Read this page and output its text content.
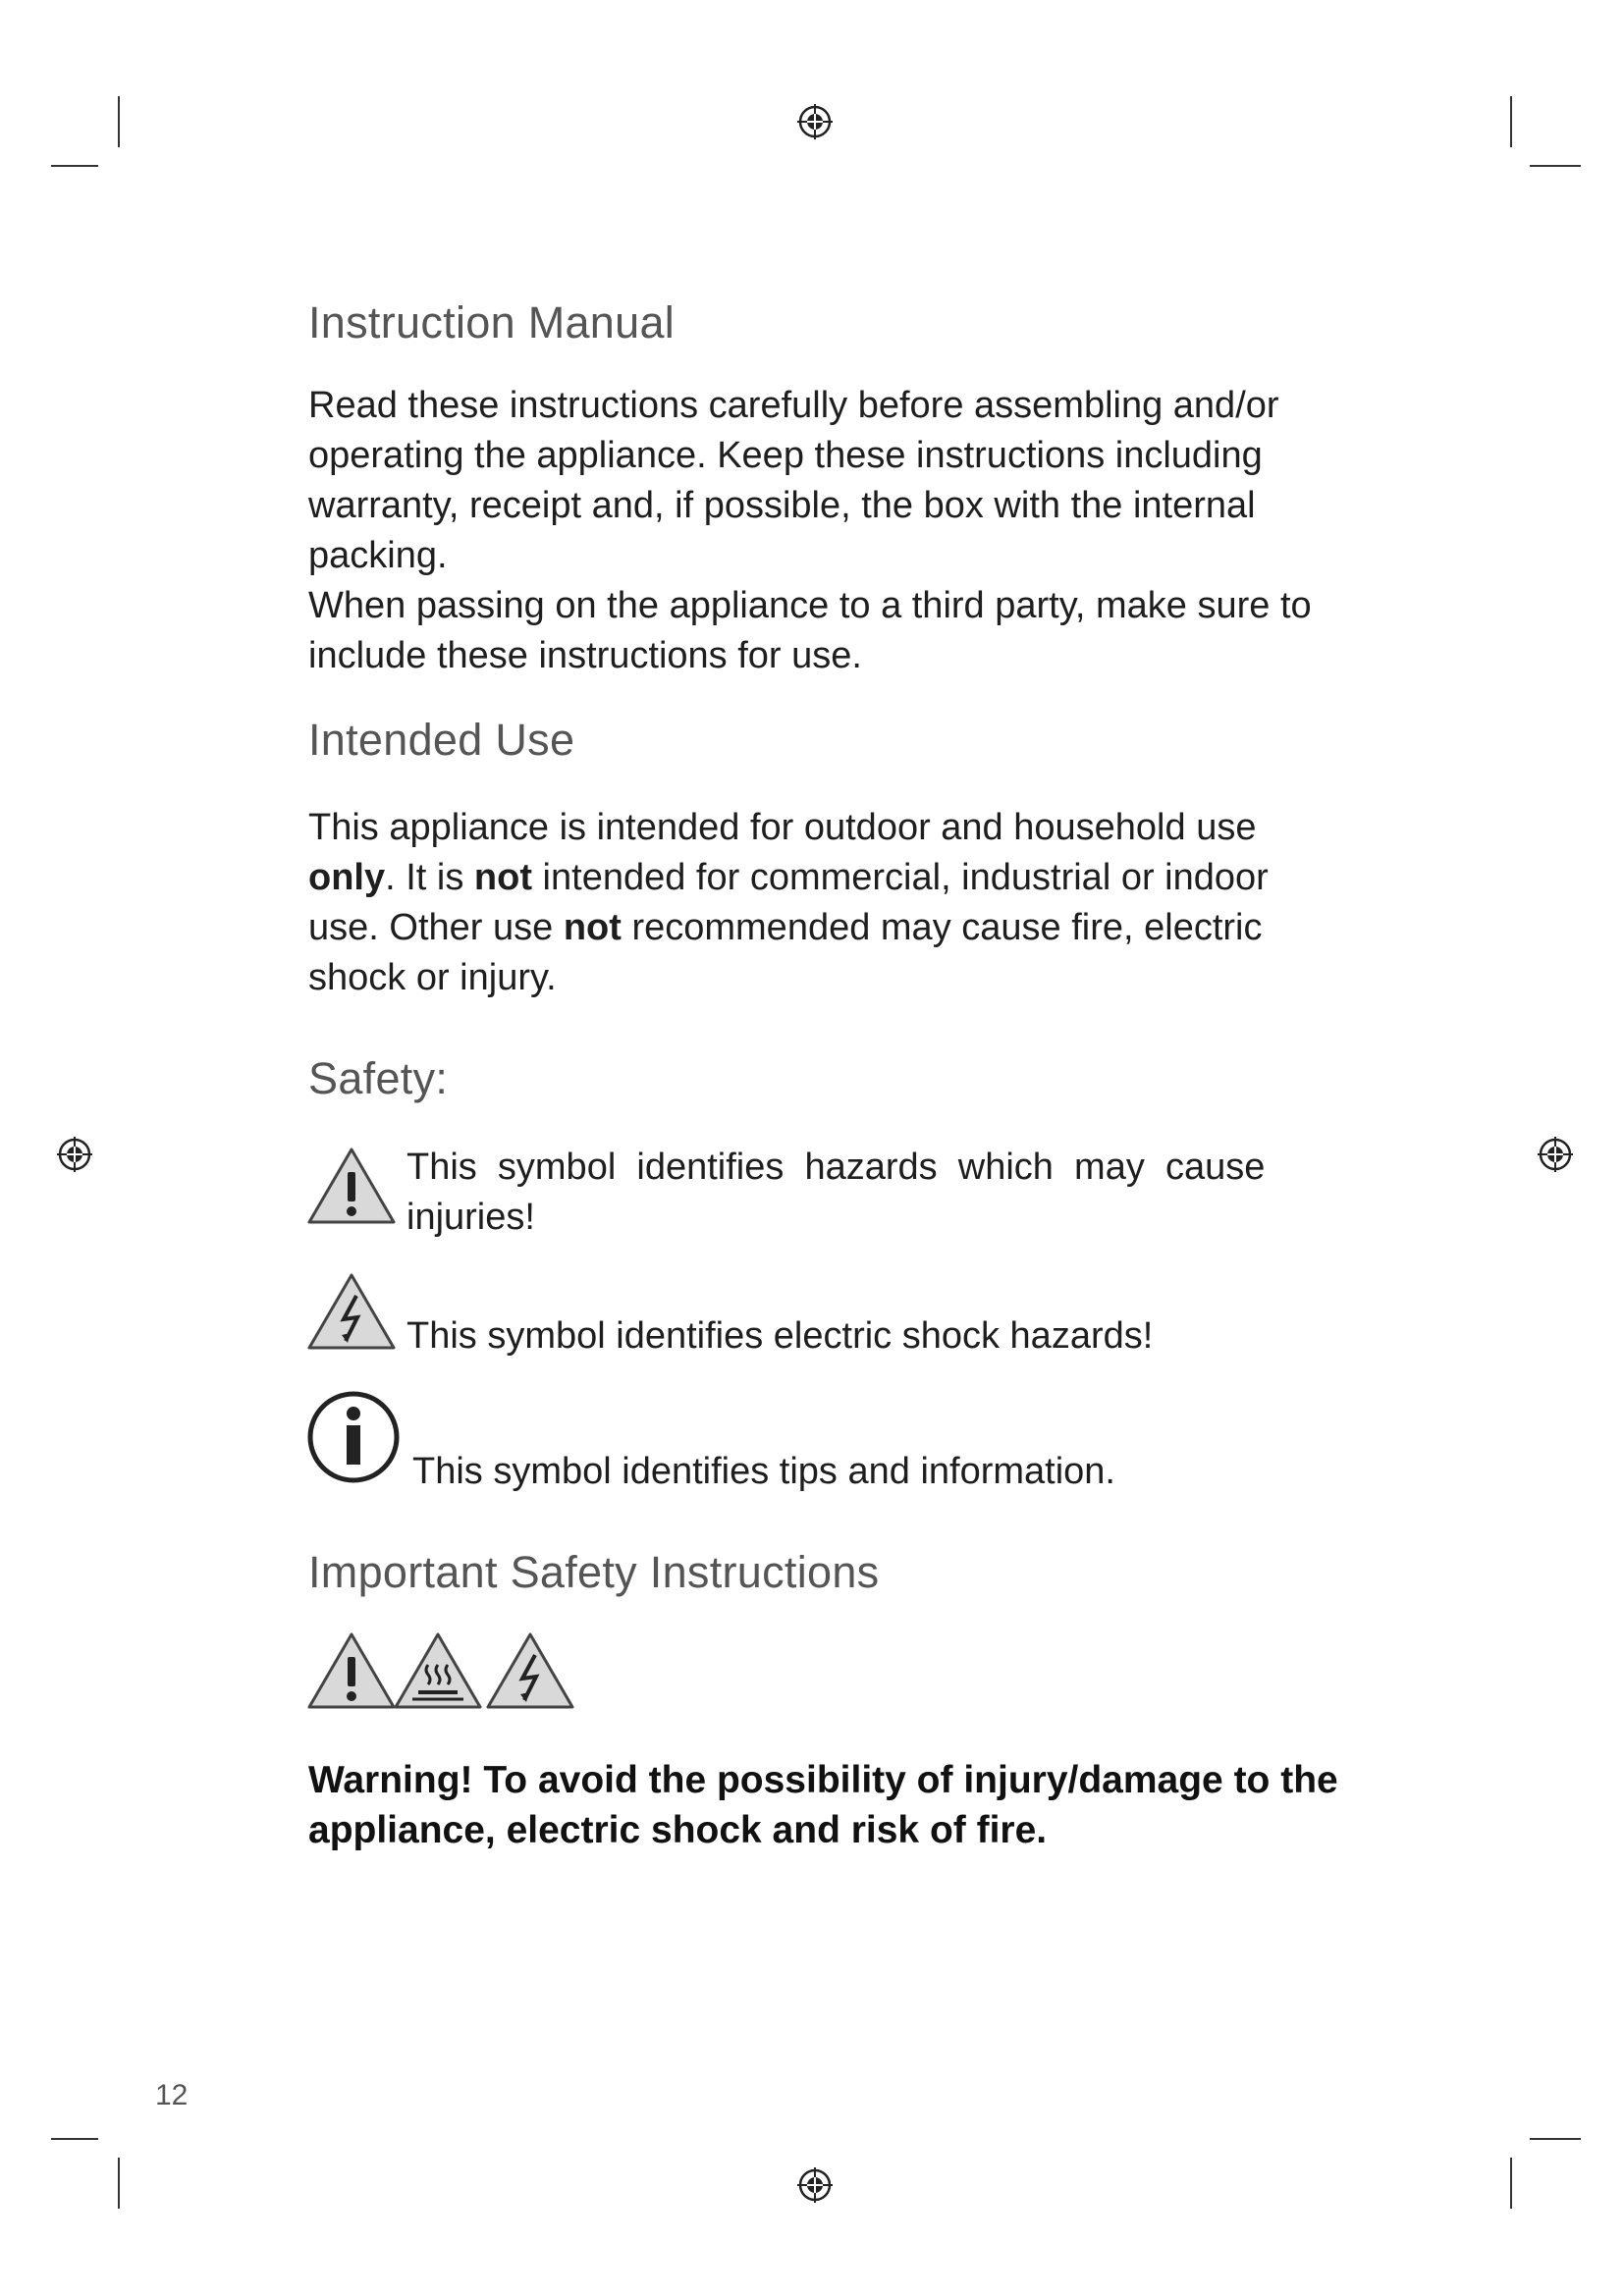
Instruction Manual
Read these instructions carefully before assembling and/or
operating the appliance. Keep these instructions including
warranty, receipt and, if possible, the box with the internal
packing.
When passing on the appliance to a third party, make sure to
include these instructions for use.
Intended Use
This appliance is intended for outdoor and household use
only. It is not intended for commercial, industrial or indoor
use. Other use not recommended may cause fire, electric
shock or injury.
Safety:
This  symbol  identifies  hazards  which  may  cause
injuries!
This symbol identifies electric shock hazards!
This symbol identifies tips and information.
Important Safety Instructions
Warning! To avoid the possibility of injury/damage to the
appliance, electric shock and risk of fire.
12
